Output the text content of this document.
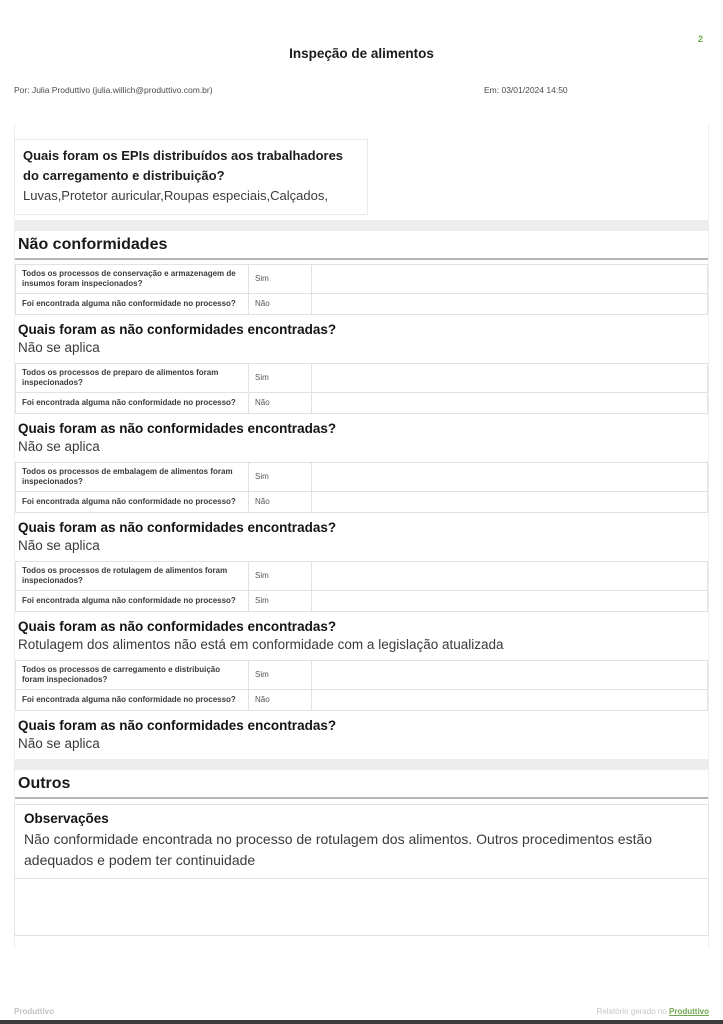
2
Inspeção de alimentos
Por: Julia Produttivo (julia.willich@produttivo.com.br)	Em: 03/01/2024 14:50
Quais foram os EPIs distribuídos aos trabalhadores do carregamento e distribuição?
Luvas,Protetor auricular,Roupas especiais,Calçados,
Não conformidades
Todos os processos de conservação e armazenagem de insumos foram inspecionados?	Sim	
Foi encontrada alguma não conformidade no processo?	Não	
Quais foram as não conformidades encontradas?
Não se aplica
Todos os processos de preparo de alimentos foram inspecionados?	Sim	
Foi encontrada alguma não conformidade no processo?	Não	
Quais foram as não conformidades encontradas?
Não se aplica
Todos os processos de embalagem de alimentos foram inspecionados?	Sim	
Foi encontrada alguma não conformidade no processo?	Não	
Quais foram as não conformidades encontradas?
Não se aplica
Todos os processos de rotulagem de alimentos foram inspecionados?	Sim	
Foi encontrada alguma não conformidade no processo?	Sim	
Quais foram as não conformidades encontradas?
Rotulagem dos alimentos não está em conformidade com a legislação atualizada
Todos os processos de carregamento e distribuição foram inspecionados?	Sim	
Foi encontrada alguma não conformidade no processo?	Não	
Quais foram as não conformidades encontradas?
Não se aplica
Outros
Observações
Não conformidade encontrada no processo de rotulagem dos alimentos. Outros procedimentos estão adequados e podem ter continuidade
Produttivo	Relatório gerado no Produttivo
